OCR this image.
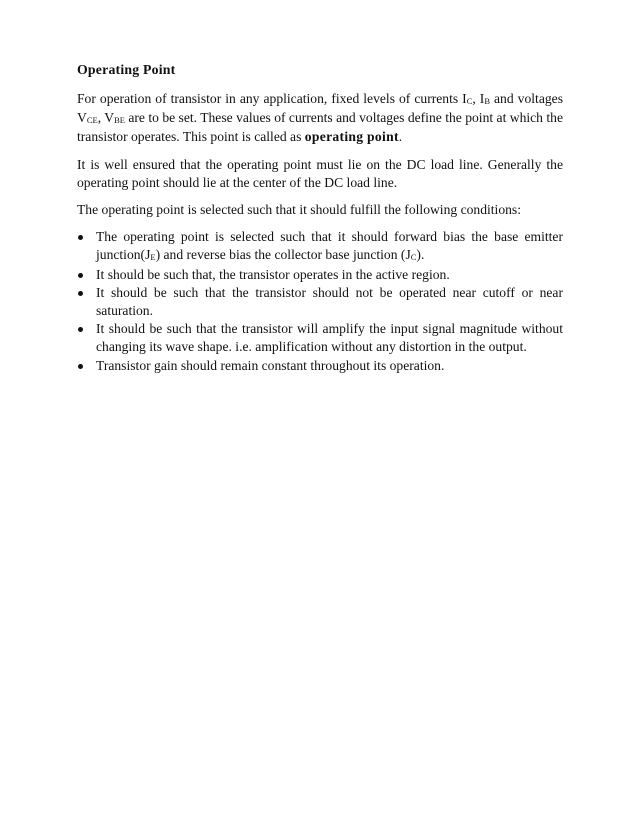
Operating Point

For operation of transistor in any application, fixed levels of currents $I_C$, $I_B$ and voltages $V_{CE}$, $V_{BE}$ are to be set. These values of currents and voltages define the point at which the transistor operates. This point is called as operating point.

It is well ensured that the operating point must lie on the DC load line. Generally the operating point should lie at the center of the DC load line.

The operating point is selected such that it should fulfill the following conditions:

The operating point is selected such that it should forward bias the base emitter $junction(J_E)$ and reverse bias the collector base junction $(J_C)$.
It should be such that, the transistor operates in the active region.
It should be such that the transistor should not be operated near cutoff or near saturation.
It should be such that the transistor will amplify the input signal magnitude without changing its wave shape. i.e. amplification without any distortion in the output.
Transistor gain should remain constant throughout its operation.
